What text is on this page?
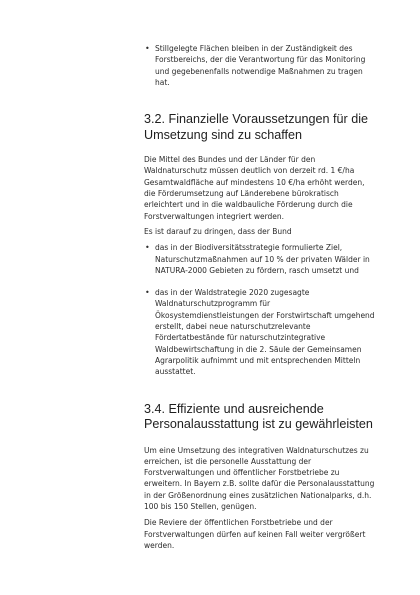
• Stillgelegte Flächen bleiben in der Zuständigkeit des Forstbereichs, der die Verantwortung für das Monitoring und gegebenenfalls notwendige Maßnahmen zu tragen hat.
3.2. Finanzielle Voraussetzungen für die Umsetzung sind zu schaffen

Die Mittel des Bundes und der Länder für den Waldnaturschutz müssen deutlich von derzeit rd. 1 €/ha Gesamtwaldfläche auf mindestens 10 €/ha erhöht werden, die Förderumsetzung auf Länderebene bürokratisch erleichtert und in die waldbauliche Förderung durch die Forstverwaltungen integriert werden.

Es ist darauf zu dringen, dass der Bund

• das in der Biodiversitätsstrategie formulierte Ziel, Naturschutzmaßnahmen auf 10 % der privaten Wälder in NATURA-2000 Gebieten zu fördern, rasch umsetzt und
• das in der Waldstrategie 2020 zugesagte Waldnaturschutzprogramm für Ökosystemdienstleistungen der Forstwirtschaft umgehend erstellt, dabei neue naturschutzrelevante Fördertatbestände für naturschutzintegrative Waldbewirtschaftung in die 2. Säule der Gemeinsamen Agrarpolitik aufnimmt und mit entsprechenden Mitteln ausstattet.
3.4. Effiziente und ausreichende Personalausstattung ist zu gewährleisten

Um eine Umsetzung des integrativen Waldnaturschutzes zu erreichen, ist die personelle Ausstattung der Forstverwaltungen und öffentlicher Forstbetriebe zu erweitern. In Bayern z.B. sollte dafür die Personalausstattung in der Größenordnung eines zusätzlichen Nationalparks, d.h. 100 bis 150 Stellen, genügen.

Die Reviere der öffentlichen Forstbetriebe und der Forstverwaltungen dürfen auf keinen Fall weiter vergrößert werden.
